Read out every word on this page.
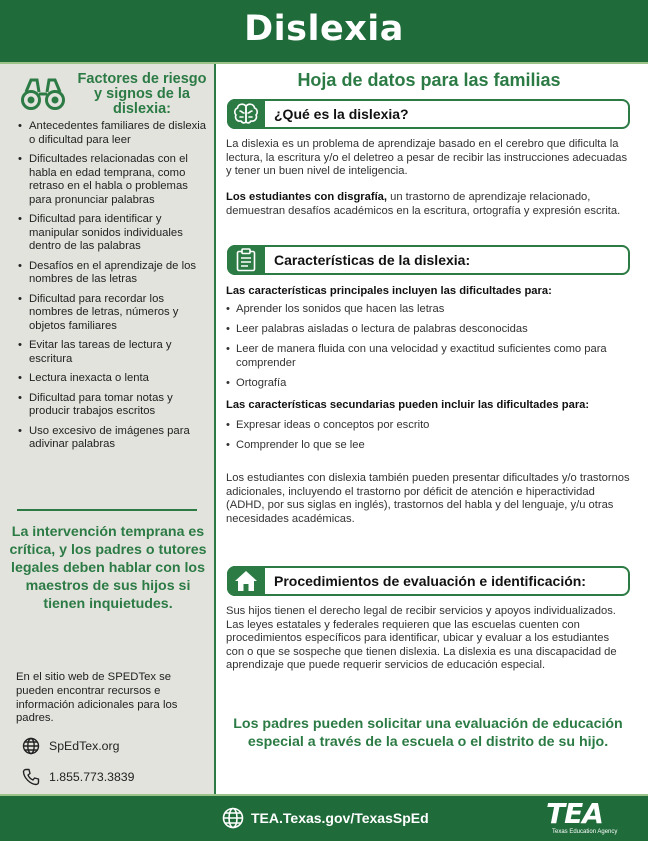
Dislexia
Factores de riesgo y signos de la dislexia:
• Antecedentes familiares de dislexia o dificultad para leer
• Dificultades relacionadas con el habla en edad temprana, como retraso en el habla o problemas para pronunciar palabras
• Dificultad para identificar y manipular sonidos individuales dentro de las palabras
• Desafíos en el aprendizaje de los nombres de las letras
• Dificultad para recordar los nombres de letras, números y objetos familiares
• Evitar las tareas de lectura y escritura
• Lectura inexacta o lenta
• Dificultad para tomar notas y producir trabajos escritos
• Uso excesivo de imágenes para adivinar palabras
La intervención temprana es crítica, y los padres o tutores legales deben hablar con los maestros de sus hijos si tienen inquietudes.
En el sitio web de SPEDTex se pueden encontrar recursos e información adicionales para los padres.
SpEdTex.org
1.855.773.3839
Hoja de datos para las familias
¿Qué es la dislexia?

La dislexia es un problema de aprendizaje basado en el cerebro que dificulta la lectura, la escritura y/o el deletreo a pesar de recibir las instrucciones adecuadas y tener un buen nivel de inteligencia.

Los estudiantes con disgrafía, un trastorno de aprendizaje relacionado, demuestran desafíos académicos en la escritura, ortografía y expresión escrita.

Características de la dislexia:
Las características principales incluyen las dificultades para:
• Aprender los sonidos que hacen las letras
• Leer palabras aisladas o lectura de palabras desconocidas
• Leer de manera fluida con una velocidad y exactitud suficientes como para comprender
• Ortografía
Las características secundarias pueden incluir las dificultades para:
• Expresar ideas o conceptos por escrito
• Comprender lo que se lee

Los estudiantes con dislexia también pueden presentar dificultades y/o trastornos adicionales, incluyendo el trastorno por déficit de atención e hiperactividad (ADHD, por sus siglas en inglés), trastornos del habla y del lenguaje, y/u otras necesidades académicas.

Procedimientos de evaluación e identificación:

Sus hijos tienen el derecho legal de recibir servicios y apoyos individualizados. Las leyes estatales y federales requieren que las escuelas cuenten con procedimientos específicos para identificar, ubicar y evaluar a los estudiantes con o que se sospeche que tienen dislexia. La dislexia es una discapacidad de aprendizaje que puede requerir servicios de educación especial.

Los padres pueden solicitar una evaluación de educación especial a través de la escuela o el distrito de su hijo.
TEA.Texas.gov/TexasSpEd	TEA
Texas Education Agency
